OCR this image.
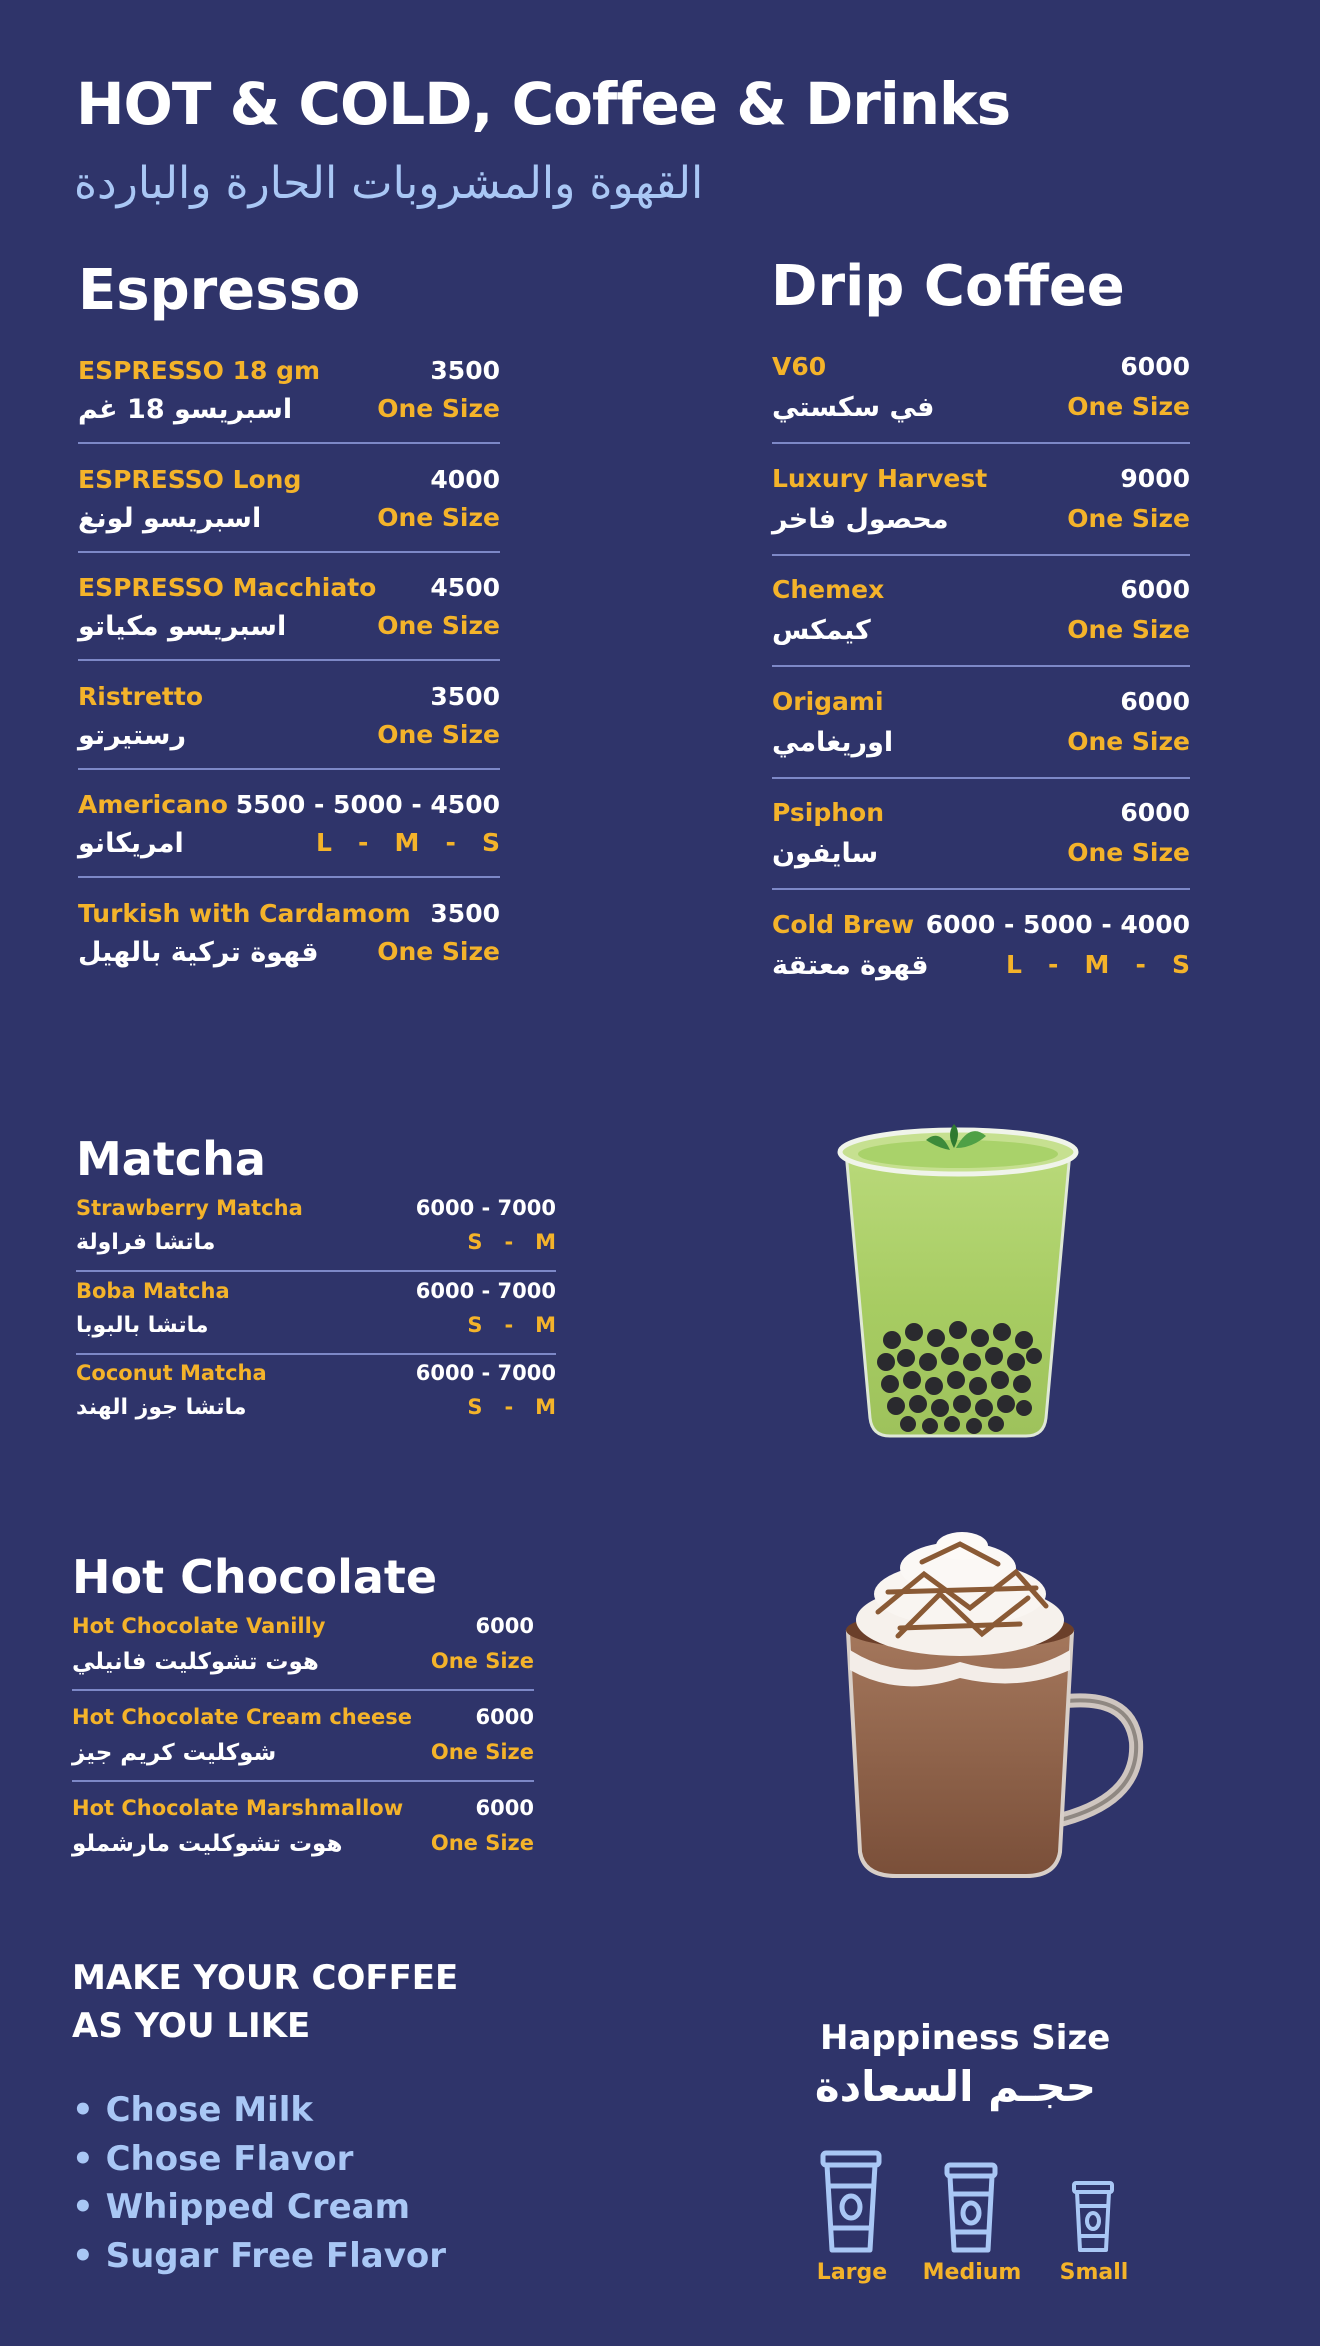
HOT & COLD, Coffee & Drinks
القهوة والمشروبات الحارة والباردة
Espresso
ESPRESSO 18 gm	3500
اسبريسو 18 غم	One Size
ESPRESSO Long	4000
اسبريسو لونغ	One Size
ESPRESSO Macchiato 4500
اسبريسو مكياتو	One Size
Ristretto	3500
رستيرتو	One Size
Americano 5500 - 5000 - 4500
امريكانو	L   -   M   -   S
Turkish with Cardamom 3500
قهوة تركية بالهيل One Size
Drip Coffee
V60	6000
في سكستي	One Size
Luxury Harvest	9000
محصول فاخر	One Size
Chemex	6000
كيمكس	One Size
Origami	6000
اوريغامي	One Size
Psiphon	6000
سايفون	One Size
Cold Brew 6000 - 5000 - 4000
قهوة معتقة	L   -   M   -   S
Matcha
Strawberry Matcha	6000 - 7000
ماتشا فراولة	S   -   M
Boba Matcha	6000 - 7000
ماتشا بالبوبا	S   -   M
Coconut Matcha	6000 - 7000
ماتشا جوز الهند	S   -   M
Hot Chocolate
Hot Chocolate Vanilly	6000
هوت تشوكليت فانيلي	One Size
Hot Chocolate Cream cheese	6000
شوكليت كريم جيز	One Size
Hot Chocolate Marshmallow	6000
هوت تشوكليت مارشملو	One Size
MAKE YOUR COFFEE
AS YOU LIKE
• Chose Milk
• Chose Flavor
• Whipped Cream
• Sugar Free Flavor
Happiness Size
حجـم السعادة
Large	Medium	Small
